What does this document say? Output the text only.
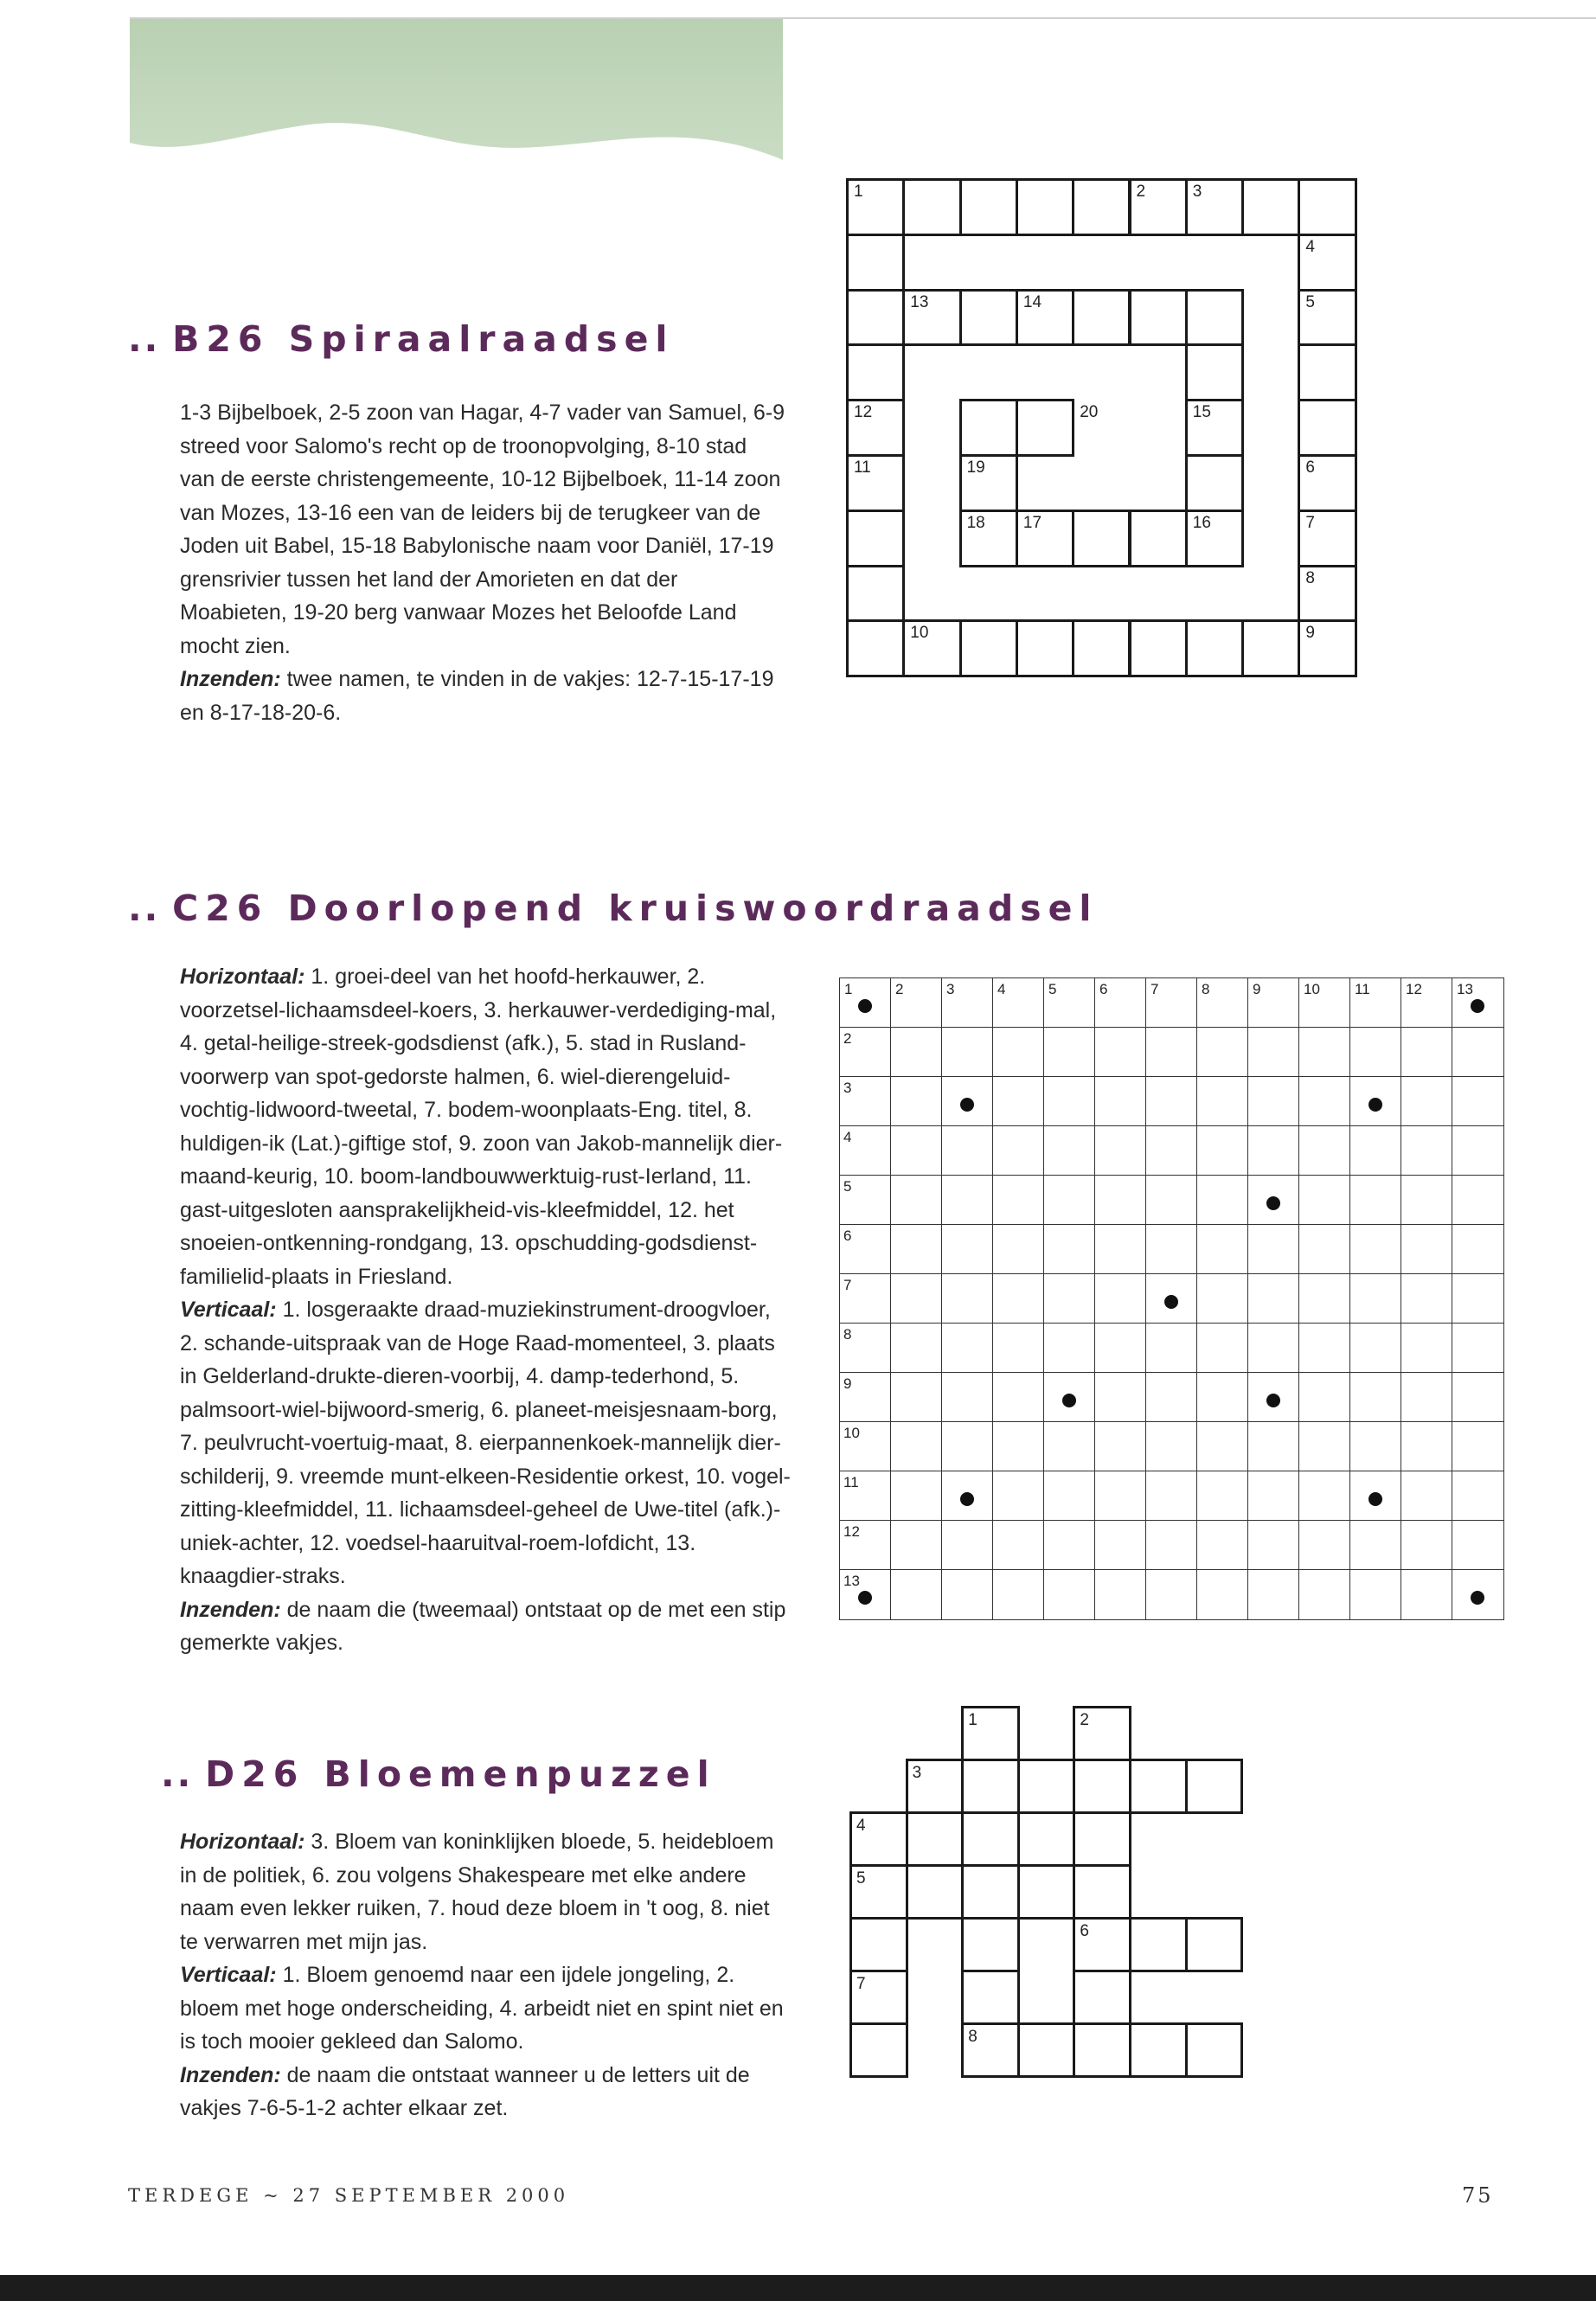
.. B26 Spiraalraadsel

1-3 Bijbelboek, 2-5 zoon van Hagar, 4-7 vader van Samuel, 6-9 streed voor Salomo's recht op de troonopvolging, 8-10 stad van de eerste christengemeente, 10-12 Bijbelboek, 11-14 zoon van Mozes, 13-16 een van de leiders bij de terugkeer van de Joden uit Babel, 15-18 Babylonische naam voor Daniël, 17-19 grensrivier tussen het land der Amorieten en dat der Moabieten, 19-20 berg vanwaar Mozes het Beloofde Land mocht zien.

Inzenden: twee namen, te vinden in de vakjes: 12-7-15-17-19 en 8-17-18-20-6.

1	2	3
4
5
6
7
8
9
10
11
12
13	14
15
16
17
18
19
20
.. C26 Doorlopend kruiswoordraadsel

Horizontaal: 1. groei-deel van het hoofd-herkauwer, 2. voorzetsel-lichaamsdeel-koers, 3. herkauwer-verdediging-mal, 4. getal-heilige-streek-godsdienst (afk.), 5. stad in Rusland-voorwerp van spot-gedorste halmen, 6. wiel-dierengeluid-vochtig-lidwoord-tweetal, 7. bodem-woonplaats-Eng. titel, 8. huldigen-ik (Lat.)-giftige stof, 9. zoon van Jakob-mannelijk dier-maand-keurig, 10. boom-landbouwwerktuig-rust-Ierland, 11. gast-uitgesloten aansprakelijkheid-vis-kleefmiddel, 12. het snoeien-ontkenning-rondgang, 13. opschudding-godsdienst-familielid-plaats in Friesland.

Verticaal: 1. losgeraakte draad-muziekinstrument-droogvloer, 2. schande-uitspraak van de Hoge Raad-momenteel, 3. plaats in Gelderland-drukte-dieren-voorbij, 4. damp-tederhond, 5. palmsoort-wiel-bijwoord-smerig, 6. planeet-meisjesnaam-borg, 7. peulvrucht-voertuig-maat, 8. eierpannenkoek-mannelijk dier-schilderij, 9. vreemde munt-elkeen-Residentie orkest, 10. vogel-zitting-kleefmiddel, 11. lichaamsdeel-geheel de Uwe-titel (afk.)-uniek-achter, 12. voedsel-haaruitval-roem-lofdicht, 13. knaagdier-straks.

Inzenden: de naam die (tweemaal) ontstaat op de met een stip gemerkte vakjes.

1	2	3	4	5	6	7	8	9	10 11 12 13
2
3
4
5
6
7
8
9
10
11
12
13
.. D26 Bloemenpuzzel

Horizontaal: 3. Bloem van koninklijken bloede, 5. heidebloem in de politiek, 6. zou volgens Shakespeare met elke andere naam even lekker ruiken, 7. houd deze bloem in 't oog, 8. niet te verwarren met mijn jas.

Verticaal: 1. Bloem genoemd naar een ijdele jongeling, 2. bloem met hoge onderscheiding, 4. arbeidt niet en spint niet en is toch mooier gekleed dan Salomo.

Inzenden: de naam die ontstaat wanneer u de letters uit de vakjes 7-6-5-1-2 achter elkaar zet.

1	2
3
4
5
6
7
8
TERDEGE ~ 27 SEPTEMBER 2000	75
